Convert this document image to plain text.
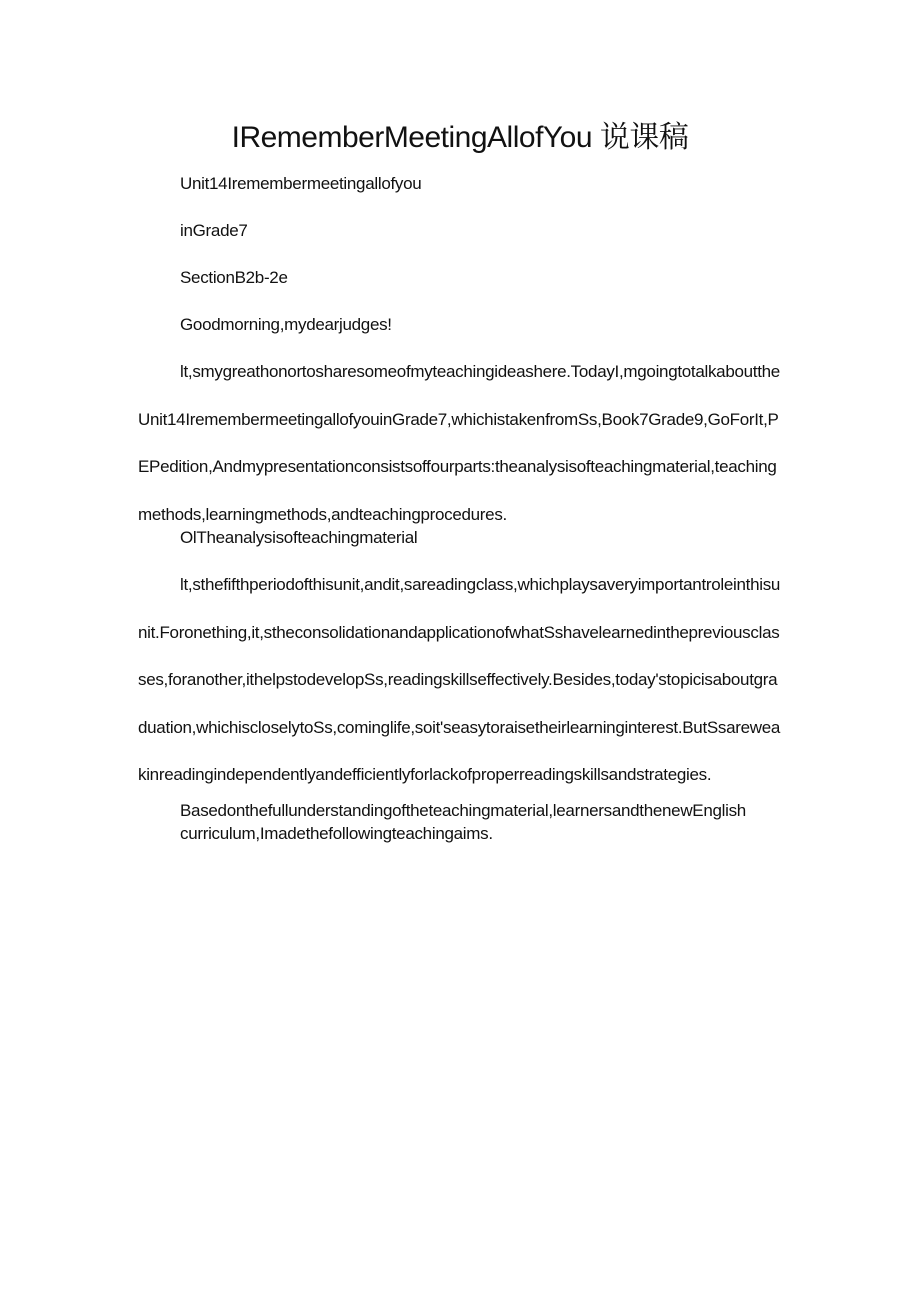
IRememberMeetingAllofYou 说课稿

Unit14Iremembermeetingallofyou

inGrade7

SectionB2b-2e

Goodmorning,mydearjudges!

lt,smygreathonortosharesomeofmyteachingideashere.TodayI,mgoingtotalkabouttheUnit14IremembermeetingallofyouinGrade7,whichistakenfromSs,Book7Grade9,GoForIt,PEPedition,Andmypresentationconsistsoffourparts:theanalysisofteachingmaterial,teachingmethods,learningmethods,andteachingprocedures.

OlTheanalysisofteachingmaterial

lt,sthefifthperiodofthisunit,andit,sareadingclass,whichplaysaveryimportantroleinthisunit.Foronething,it,stheconsolidationandapplicationofwhatSshavelearnedinthepreviousclasses,foranother,ithelpstodevelopSs,readingskillseffectively.Besides,today'stopicisaboutgraduation,whichiscloselytoSs,cominglife,soit'seasytoraisetheirlearninginterest.ButSsareweakinreadingindependentlyandefficientlyforlackofproperreadingskillsandstrategies.

Basedonthefullunderstandingoftheteachingmaterial,learnersandthenewEnglish

curriculum,Imadethefollowingteachingaims.
